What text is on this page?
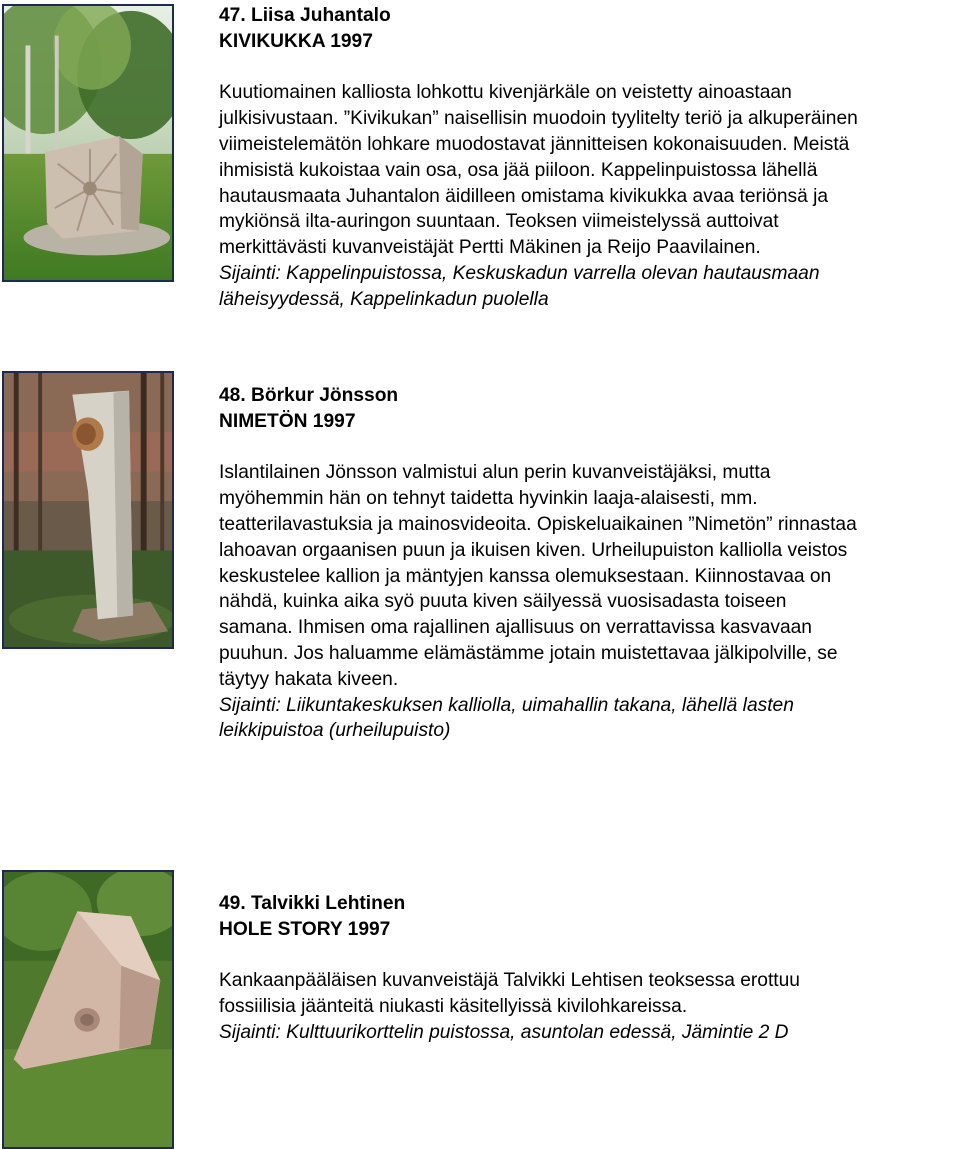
47. Liisa Juhantalo

KIVIKUKKA 1997

Kuutiomainen kalliosta lohkottu kivenjärkäle on veistetty ainoastaan
julkisivustaan. ”Kivikukan” naisellisin muodoin tyylitelty teriö ja alkuperäinen
viimeistelemätön lohkare muodostavat jännitteisen kokonaisuuden. Meistä
ihmisistä kukoistaa vain osa, osa jää piiloon. Kappelinpuistossa lähellä
hautausmaata Juhantalon äidilleen omistama kivikukka avaa teriönsä ja
mykiönsä ilta-auringon suuntaan. Teoksen viimeistelyssä auttoivat
merkittävästi kuvanveistäjät Pertti Mäkinen ja Reijo Paavilainen.

Sijainti: Kappelinpuistossa, Keskuskadun varrella olevan hautausmaan
läheisyydessä, Kappelinkadun puolella

48. Börkur Jönsson

NIMETÖN 1997

Islantilainen Jönsson valmistui alun perin kuvanveistäjäksi, mutta
myöhemmin hän on tehnyt taidetta hyvinkin laaja-alaisesti, mm.
teatterilavastuksia ja mainosvideoita. Opiskeluaikainen ”Nimetön” rinnastaa
lahoavan orgaanisen puun ja ikuisen kiven. Urheilupuiston kalliolla veistos
keskustelee kallion ja mäntyjen kanssa olemuksestaan. Kiinnostavaa on
nähdä, kuinka aika syö puuta kiven säilyessä vuosisadasta toiseen
samana. Ihmisen oma rajallinen ajallisuus on verrattavissa kasvavaan
puuhun. Jos haluamme elämästämme jotain muistettavaa jälkipolville, se
täytyy hakata kiveen.

Sijainti: Liikuntakeskuksen kalliolla, uimahallin takana, lähellä lasten
leikkipuistoa (urheilupuisto)

49. Talvikki Lehtinen

HOLE STORY 1997

Kankaanpääläisen kuvanveistäjä Talvikki Lehtisen teoksessa erottuu
fossiilisia jäänteitä niukasti käsitellyissä kivilohkareissa.

Sijainti: Kulttuurikorttelin puistossa, asuntolan edessä, Jämintie 2 D
